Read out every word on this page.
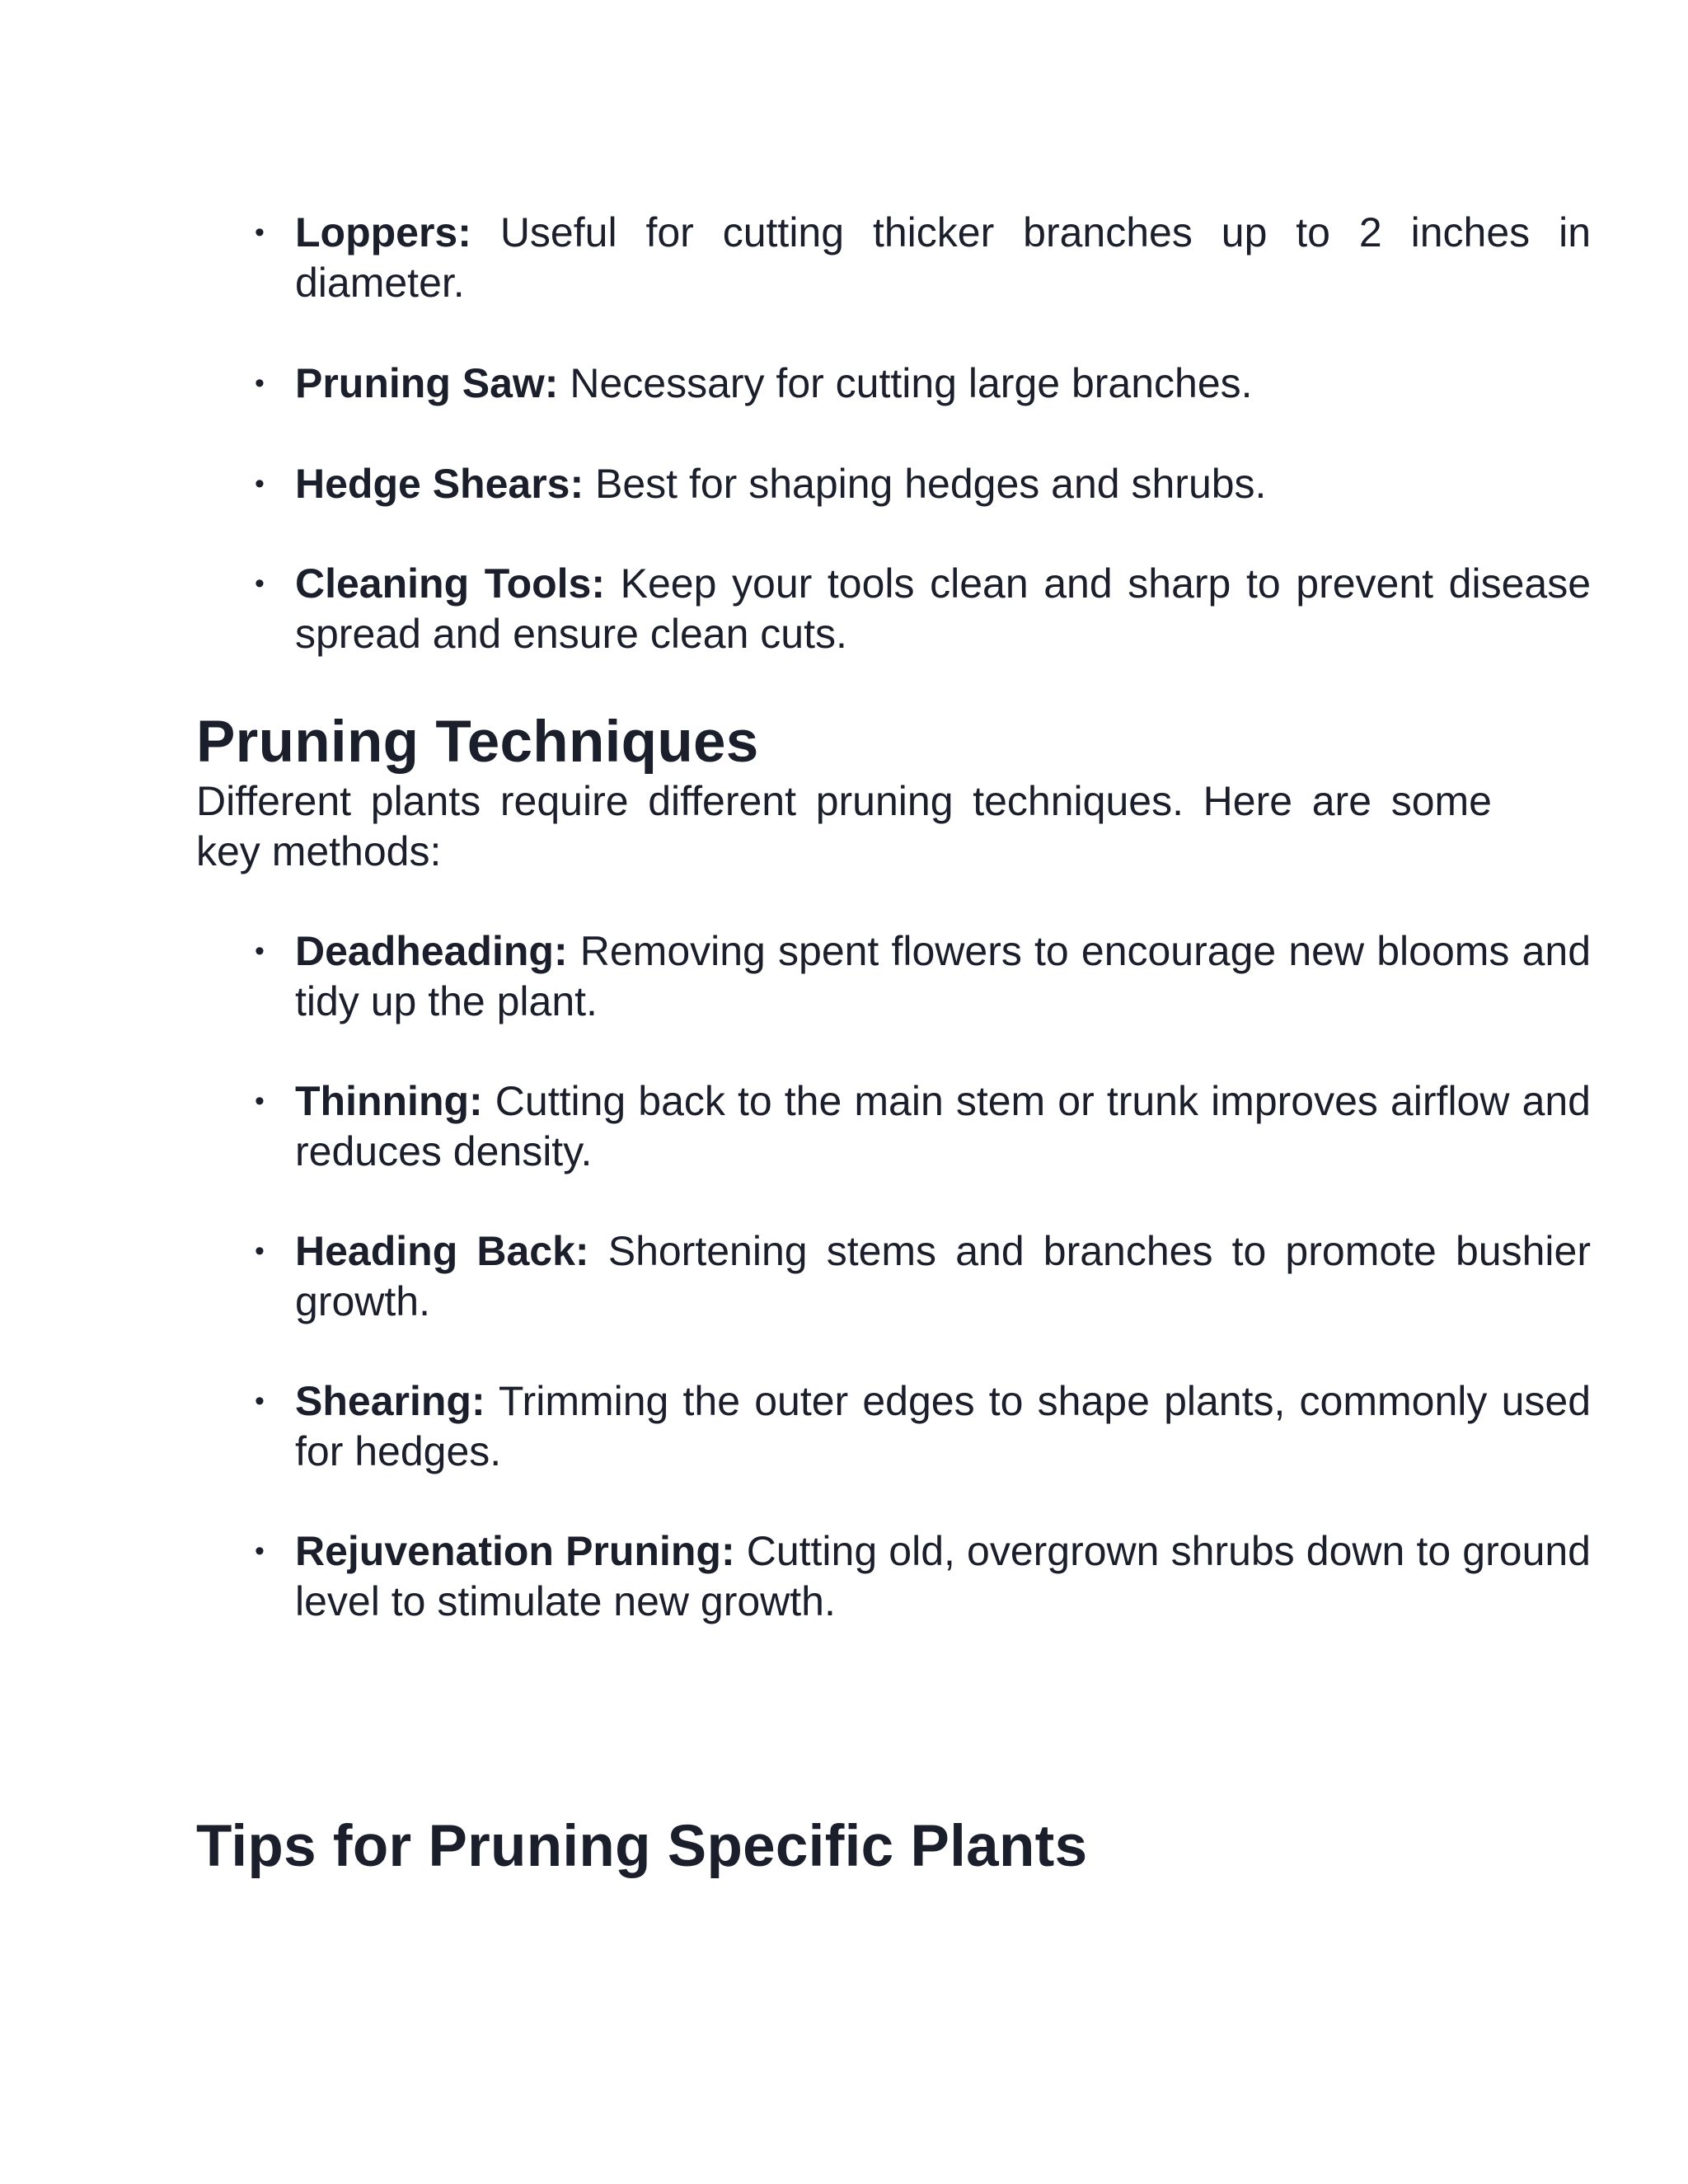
• Loppers: Useful for cutting thicker branches up to 2 inches in diameter.
• Pruning Saw: Necessary for cutting large branches.
• Hedge Shears: Best for shaping hedges and shrubs.
• Cleaning Tools: Keep your tools clean and sharp to prevent disease spread and ensure clean cuts.
Pruning Techniques

Different plants require different pruning techniques. Here are some key methods:

• Deadheading: Removing spent flowers to encourage new blooms and tidy up the plant.
• Thinning: Cutting back to the main stem or trunk improves airflow and reduces density.
• Heading Back: Shortening stems and branches to promote bushier growth.
• Shearing: Trimming the outer edges to shape plants, commonly used for hedges.
• Rejuvenation Pruning: Cutting old, overgrown shrubs down to ground level to stimulate new growth.
Tips for Pruning Specific Plants
